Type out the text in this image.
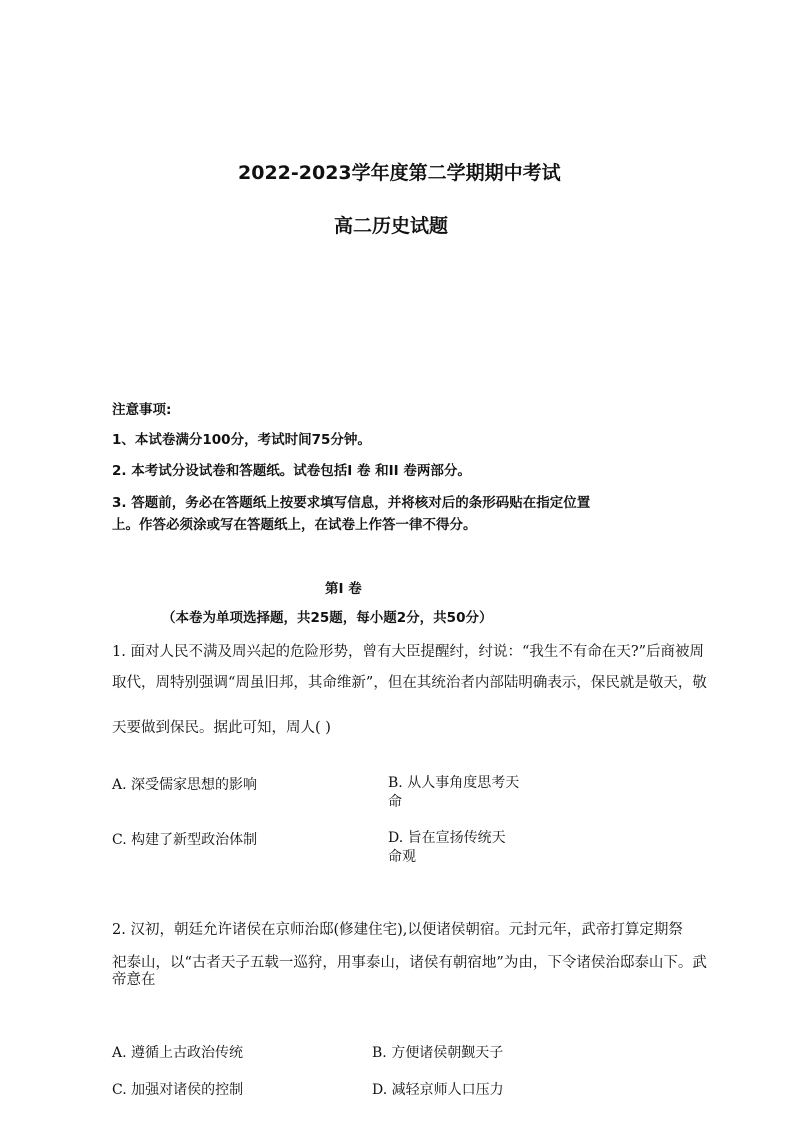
2022-2023学年度第二学期期中考试
高二历史试题
注意事项:
1、本试卷满分100分，考试时间75分钟。
2. 本考试分设试卷和答题纸。试卷包括I 卷 和II 卷两部分。
3. 答题前，务必在答题纸上按要求填写信息，并将核对后的条形码贴在指定位置
上。作答必须涂或写在答题纸上，在试卷上作答一律不得分。
第I 卷
（本卷为单项选择题，共25题，每小题2分，共50分）
1. 面对人民不满及周兴起的危险形势，曾有大臣提醒纣，纣说：“我生不有命在天?”后商被周
取代，周特别强调“周虽旧邦，其命维新”，但在其统治者内部陆明确表示，保民就是敬天，敬
天要做到保民。据此可知，周人( )
A. 深受儒家思想的影响	B. 从人事角度思考天
命
C. 构建了新型政治体制	D. 旨在宣扬传统天
命观
2. 汉初，朝廷允许诸侯在京师治邸(修建住宅),以便诸侯朝宿。元封元年，武帝打算定期祭
祀泰山，以“古者天子五载一巡狩，用事泰山，诸侯有朝宿地”为由，下令诸侯治邸泰山下。武
帝意在
A. 遵循上古政治传统	B. 方便诸侯朝觐天子
C. 加强对诸侯的控制	D. 减轻京师人口压力
